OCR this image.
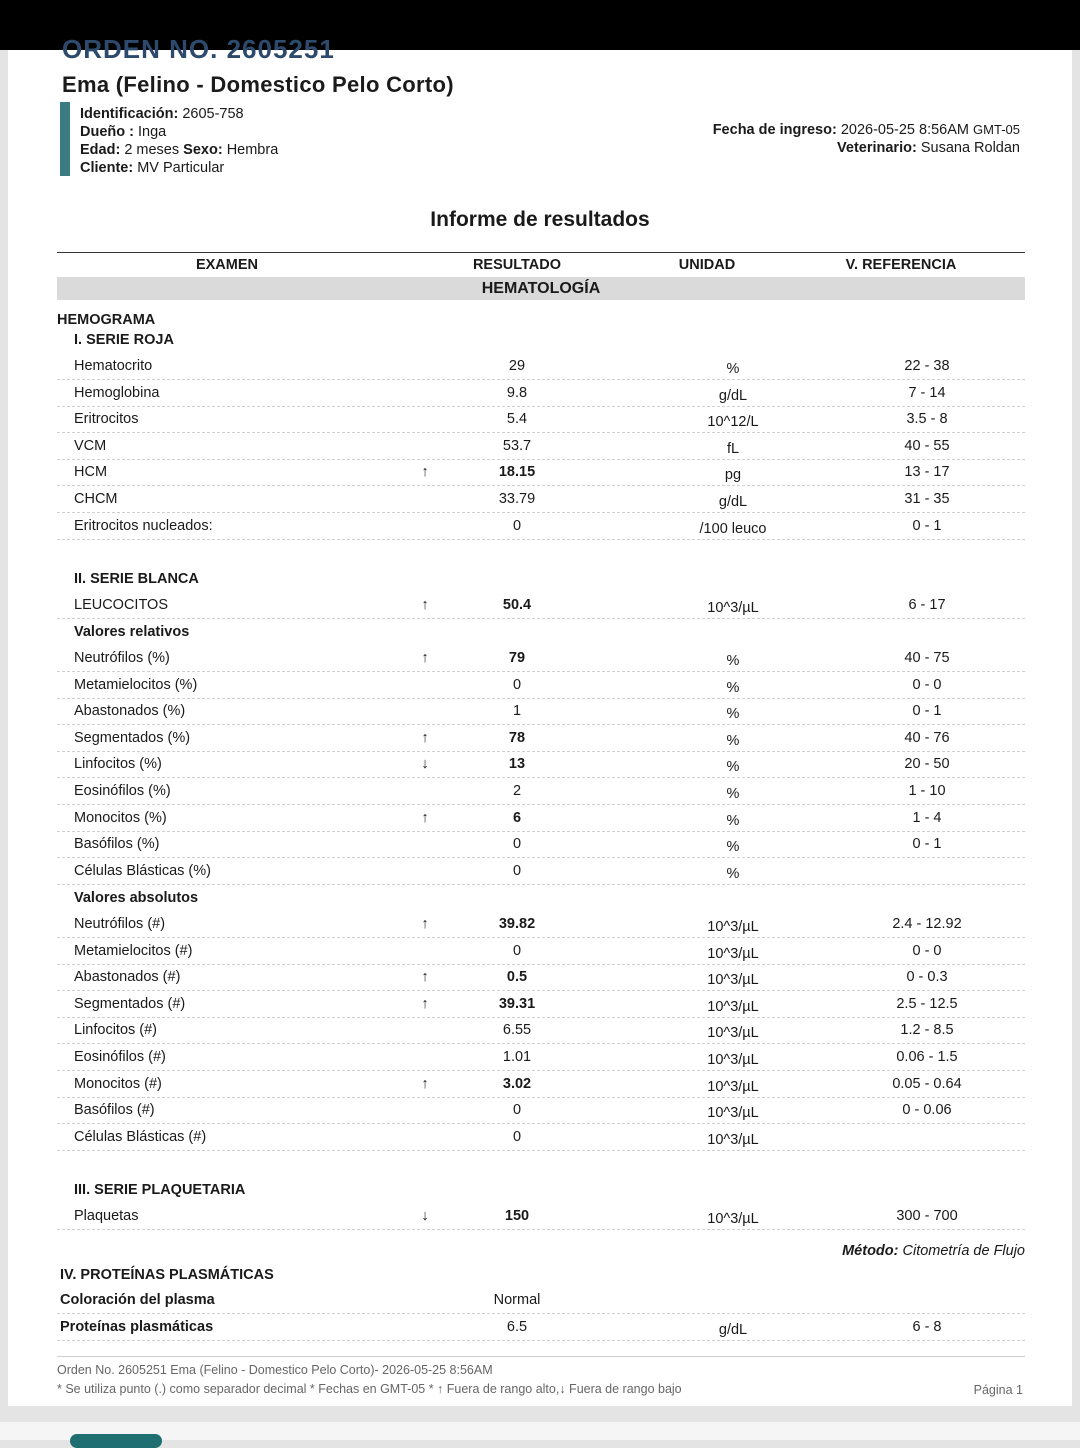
ORDEN NO. 2605251
Ema (Felino - Domestico Pelo Corto)
Identificación: 2605-758
Dueño : Inga
Edad: 2 meses Sexo: Hembra
Cliente: MV Particular
Fecha de ingreso: 2026-05-25 8:56AM GMT-05
Veterinario: Susana Roldan
Informe de resultados
EXAMEN	RESULTADO	UNIDAD	V. REFERENCIA
HEMATOLOGÍA
HEMOGRAMA
I. SERIE ROJA
Hematocrito	29	%	22 - 38
Hemoglobina	9.8	g/dL	7 - 14
Eritrocitos	5.4	10^12/L	3.5 - 8
VCM	53.7	fL	40 - 55
HCM	↑	18.15	pg	13 - 17
CHCM	33.79	g/dL	31 - 35
Eritrocitos nucleados:	0	/100 leuco	0 - 1
II. SERIE BLANCA
LEUCOCITOS	↑	50.4	10^3/µL	6 - 17
Valores relativos
Neutrófilos (%)	↑	79	%	40 - 75
Metamielocitos (%)	0	%	0 - 0
Abastonados (%)	1	%	0 - 1
Segmentados (%)	↑	78	%	40 - 76
Linfocitos (%)	↓	13	%	20 - 50
Eosinófilos (%)	2	%	1 - 10
Monocitos (%)	↑	6	%	1 - 4
Basófilos (%)	0	%	0 - 1
Células Blásticas (%)	0	%
Valores absolutos
Neutrófilos (#)	↑	39.82	10^3/µL	2.4 - 12.92
Metamielocitos (#)	0	10^3/µL	0 - 0
Abastonados (#)	↑	0.5	10^3/µL	0 - 0.3
Segmentados (#)	↑	39.31	10^3/µL	2.5 - 12.5
Linfocitos (#)	6.55	10^3/µL	1.2 - 8.5
Eosinófilos (#)	1.01	10^3/µL	0.06 - 1.5
Monocitos (#)	↑	3.02	10^3/µL	0.05 - 0.64
Basófilos (#)	0	10^3/µL	0 - 0.06
Células Blásticas (#)	0	10^3/µL
III. SERIE PLAQUETARIA
Plaquetas	↓	150	10^3/µL	300 - 700
Método: Citometría de Flujo
IV. PROTEÍNAS PLASMÁTICAS
Coloración del plasma	Normal
Proteínas plasmáticas	6.5	g/dL	6 - 8
Orden No. 2605251 Ema (Felino - Domestico Pelo Corto)- 2026-05-25 8:56AM
* Se utiliza punto (.) como separador decimal * Fechas en GMT-05 * ↑ Fuera de rango alto,↓ Fuera de rango bajo	Página 1
